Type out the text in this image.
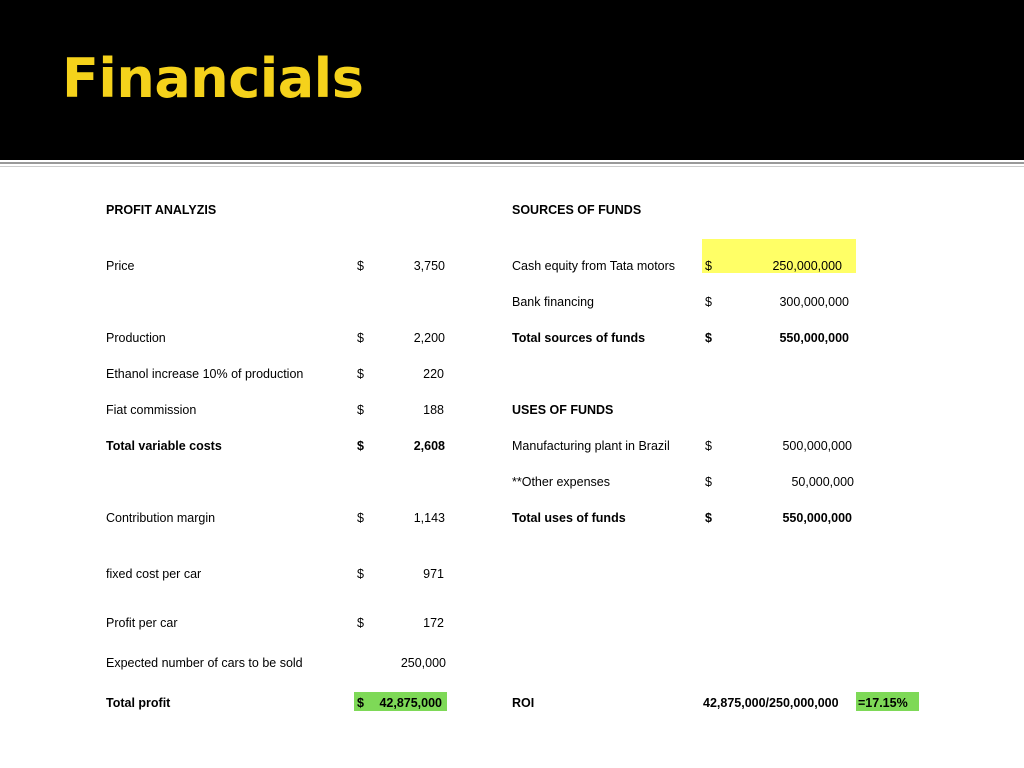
Financials
PROFIT ANALYZIS
Price	$	3,750
Production	$	2,200
Ethanol increase 10% of production	$	220
Fiat commission	$	188
Total variable costs	$	2,608
Contribution margin	$	1,143
fixed cost per car	$	971
Profit per car	$	172
Expected number of cars to be sold	250,000
Total profit	$	42,875,000
SOURCES OF FUNDS
Cash equity from Tata motors $	250,000,000
Bank financing	$	300,000,000
Total sources of funds	$	550,000,000
USES OF FUNDS
Manufacturing plant in Brazil	$	500,000,000
**Other expenses	$	50,000,000
Total uses of funds	$	550,000,000
ROI	42,875,000/250,000,000 =17.15%
